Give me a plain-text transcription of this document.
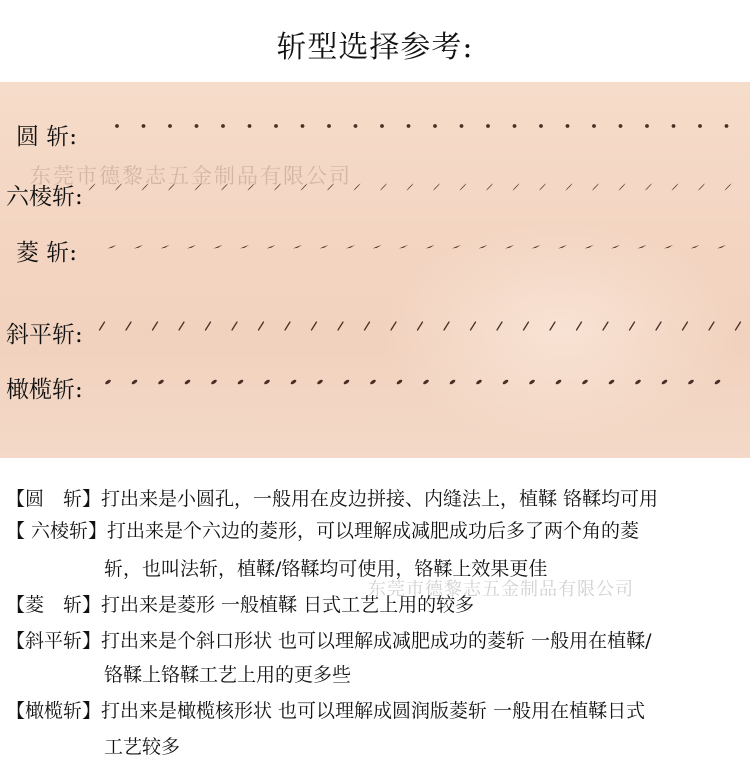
斩型选择参考:
东莞市德黎志五金制品有限公司
圆 斩:
六棱斩:
菱 斩:
斜平斩:
橄榄斩:
东莞市德黎志五金制品有限公司
【圆　斩】打出来是小圆孔，一般用在皮边拼接、内缝法上，植鞣 铬鞣均可用
【 六棱斩】打出来是个六边的菱形，可以理解成减肥成功后多了两个角的菱
斩，也叫法斩，植鞣/铬鞣均可使用，铬鞣上效果更佳
【菱　斩】打出来是菱形 一般植鞣 日式工艺上用的较多
【斜平斩】打出来是个斜口形状 也可以理解成减肥成功的菱斩 一般用在植鞣/
铬鞣上铬鞣工艺上用的更多些
【橄榄斩】打出来是橄榄核形状 也可以理解成圆润版菱斩 一般用在植鞣日式
工艺较多
